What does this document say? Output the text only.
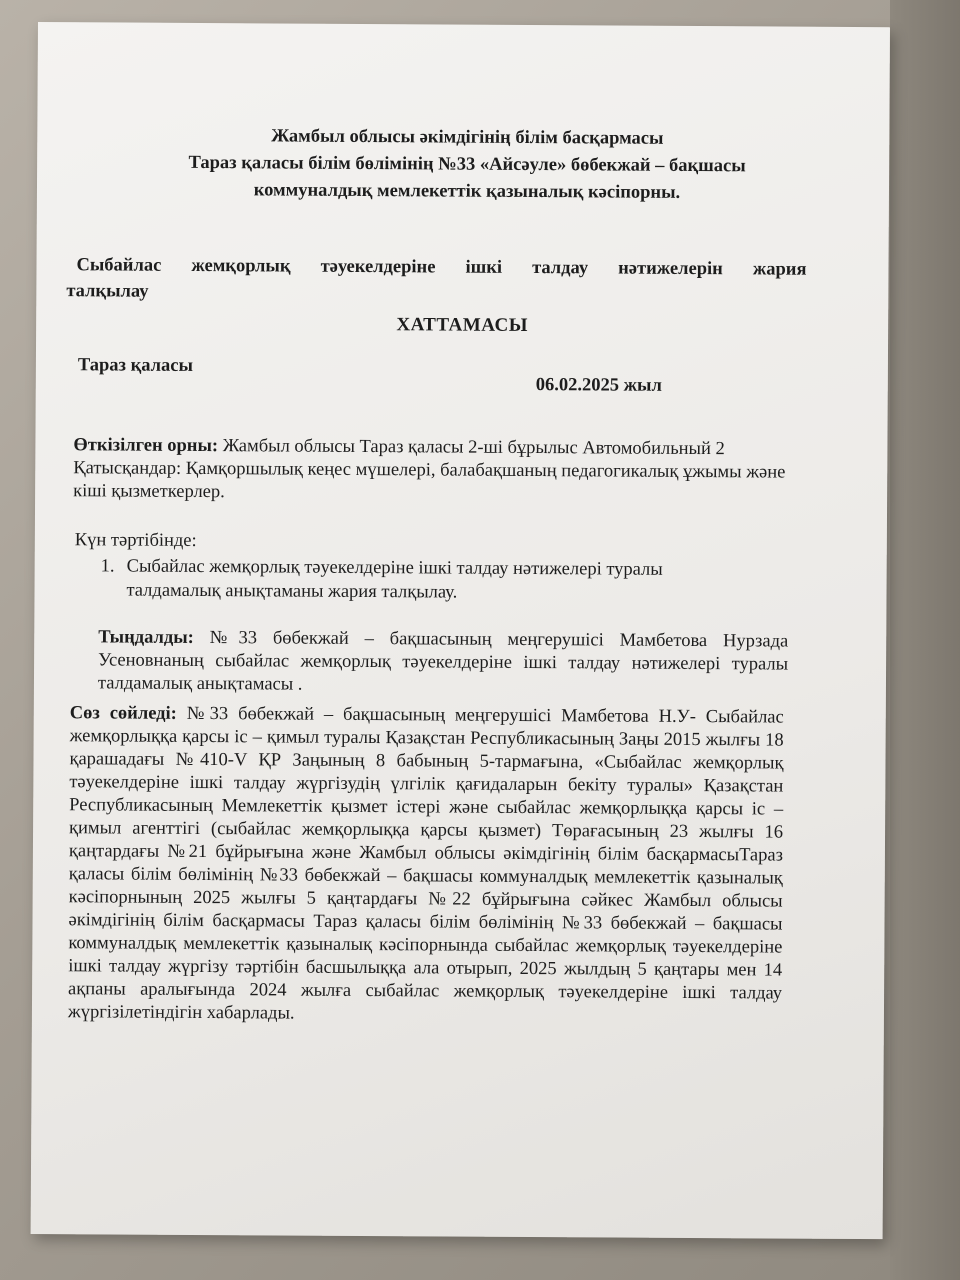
Жамбыл облысы әкімдігінің білім басқармасы
Тараз қаласы білім бөлімінің №33 «Айсәуле» бөбекжай – бақшасы
коммуналдық мемлекеттік қазыналық кәсіпорны.
Сыбайлас жемқорлық тәуекелдеріне ішкі талдау нәтижелерін жария
талқылау
ХАТТАМАСЫ
Тараз қаласы
06.02.2025 жыл
Өткізілген орны: Жамбыл облысы Тараз қаласы 2-ші бұрылыс Автомобильный 2
Қатысқандар: Қамқоршылық кеңес мүшелері, балабақшаның педагогикалық ұжымы және кіші қызметкерлер.
Күн тәртібінде:
1. Сыбайлас жемқорлық тәуекелдеріне ішкі талдау нәтижелері туралы талдамалық анықтаманы жария талқылау.
Тыңдалды: №33 бөбекжай – бақшасының меңгерушісі Мамбетова Нурзада Усеновнаның сыбайлас жемқорлық тәуекелдеріне ішкі талдау нәтижелері туралы талдамалық анықтамасы .
Сөз сөйледі: №33 бөбекжай – бақшасының меңгерушісі Мамбетова Н.У- Сыбайлас жемқорлыққа қарсы іс – қимыл туралы Қазақстан Республикасының Заңы 2015 жылғы 18 қарашадағы №410-V ҚР Заңының 8 бабының 5-тармағына, «Сыбайлас жемқорлық тәуекелдеріне ішкі талдау жүргізудің үлгілік қағидаларын бекіту туралы» Қазақстан Республикасының Мемлекеттік қызмет істері және сыбайлас жемқорлыққа қарсы іс – қимыл агенттігі (сыбайлас жемқорлыққа қарсы қызмет) Төрағасының 23 жылғы 16 қаңтардағы №21 бұйрығына және Жамбыл облысы әкімдігінің білім басқармасыТараз қаласы білім бөлімінің №33 бөбекжай – бақшасы коммуналдық мемлекеттік қазыналық кәсіпорнының 2025 жылғы 5 қаңтардағы №22 бұйрығына сәйкес Жамбыл облысы әкімдігінің білім басқармасы Тараз қаласы білім бөлімінің №33 бөбекжай – бақшасы коммуналдық мемлекеттік қазыналық кәсіпорнында сыбайлас жемқорлық тәуекелдеріне ішкі талдау жүргізу тәртібін басшылыққа ала отырып, 2025 жылдың 5 қаңтары мен 14 ақпаны аралығында 2024 жылға сыбайлас жемқорлық тәуекелдеріне ішкі талдау жүргізілетіндігін хабарлады.
